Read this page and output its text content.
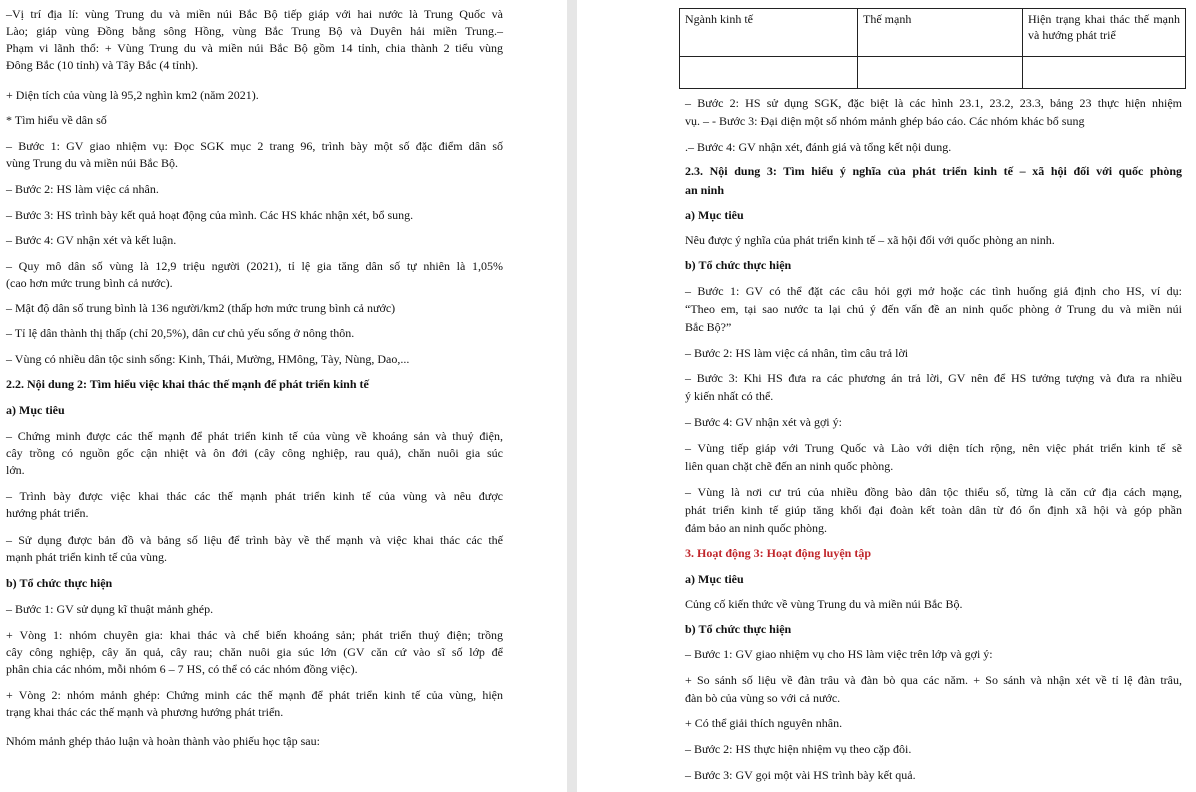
–Vị trí địa lí: vùng Trung du và miền núi Bắc Bộ tiếp giáp với hai nước là Trung Quốc và
Lào; giáp vùng Đồng bằng sông Hồng, vùng Bắc Trung Bộ và Duyên hải miền Trung.–
Phạm vi lãnh thổ: + Vùng Trung du và miền núi Bắc Bộ gồm 14 tỉnh, chia thành 2 tiểu vùng
Đông Bắc (10 tỉnh) và Tây Bắc (4 tỉnh).
+ Diện tích của vùng là 95,2 nghìn km2 (năm 2021).
* Tìm hiểu về dân số
– Bước 1: GV giao nhiệm vụ: Đọc SGK mục 2 trang 96, trình bày một số đặc điểm dân số
vùng Trung du và miền núi Bắc Bộ.
– Bước 2: HS làm việc cá nhân.
– Bước 3: HS trình bày kết quả hoạt động của mình. Các HS khác nhận xét, bổ sung.
– Bước 4: GV nhận xét và kết luận.
– Quy mô dân số vùng là 12,9 triệu người (2021), tỉ lệ gia tăng dân số tự nhiên là 1,05%
(cao hơn mức trung bình cả nước).
– Mật độ dân số trung bình là 136 người/km2 (thấp hơn mức trung bình cả nước)
– Tỉ lệ dân thành thị thấp (chỉ 20,5%), dân cư chủ yếu sống ở nông thôn.
– Vùng có nhiều dân tộc sinh sống: Kinh, Thái, Mường, HMông, Tày, Nùng, Dao,...
2.2. Nội dung 2: Tìm hiểu việc khai thác thế mạnh để phát triển kinh tế
a) Mục tiêu
– Chứng minh được các thế mạnh để phát triển kinh tế của vùng về khoáng sản và thuỷ điện,
cây trồng có nguồn gốc cận nhiệt và ôn đới (cây công nghiệp, rau quả), chăn nuôi gia súc
lớn.
– Trình bày được việc khai thác các thế mạnh phát triển kinh tế của vùng và nêu được
hướng phát triển.
– Sử dụng được bản đồ và bảng số liệu để trình bày về thế mạnh và việc khai thác các thế
mạnh phát triển kinh tế của vùng.
b) Tổ chức thực hiện
– Bước 1: GV sử dụng kĩ thuật mảnh ghép.
+ Vòng 1: nhóm chuyên gia: khai thác và chế biến khoáng sản; phát triển thuỷ điện; trồng
cây công nghiệp, cây ăn quả, cây rau; chăn nuôi gia súc lớn (GV căn cứ vào sĩ số lớp để
phân chia các nhóm, mỗi nhóm 6 – 7 HS, có thể có các nhóm đồng việc).
+ Vòng 2: nhóm mảnh ghép: Chứng minh các thế mạnh để phát triển kinh tế của vùng, hiện
trạng khai thác các thế mạnh và phương hướng phát triển.
Nhóm mảnh ghép thảo luận và hoàn thành vào phiếu học tập sau:
Ngành kinh tế	Thế mạnh	Hiện trạng khai thác thế mạnh và hướng phát triể

– Bước 2: HS sử dụng SGK, đặc biệt là các hình 23.1, 23.2, 23.3, bảng 23 thực hiện nhiệm
vụ. – - Bước 3: Đại diện một số nhóm mảnh ghép báo cáo. Các nhóm khác bổ sung
.– Bước 4: GV nhận xét, đánh giá và tổng kết nội dung.
2.3. Nội dung 3: Tìm hiểu ý nghĩa của phát triển kinh tế – xã hội đối với quốc phòng
an ninh
a) Mục tiêu
Nêu được ý nghĩa của phát triển kinh tế – xã hội đối với quốc phòng an ninh.
b) Tổ chức thực hiện
– Bước 1: GV có thể đặt các câu hỏi gợi mở hoặc các tình huống giả định cho HS, ví dụ:
“Theo em, tại sao nước ta lại chú ý đến vấn đề an ninh quốc phòng ở Trung du và miền núi
Bắc Bộ?”
– Bước 2: HS làm việc cá nhân, tìm câu trả lời
– Bước 3: Khi HS đưa ra các phương án trả lời, GV nên để HS tưởng tượng và đưa ra nhiều
ý kiến nhất có thể.
– Bước 4: GV nhận xét và gợi ý:
– Vùng tiếp giáp với Trung Quốc và Lào với diện tích rộng, nên việc phát triển kinh tế sẽ
liên quan chặt chẽ đến an ninh quốc phòng.
– Vùng là nơi cư trú của nhiều đồng bào dân tộc thiểu số, từng là căn cứ địa cách mạng,
phát triển kinh tế giúp tăng khối đại đoàn kết toàn dân từ đó ổn định xã hội và góp phần
đảm bảo an ninh quốc phòng.
3. Hoạt động 3: Hoạt động luyện tập
a) Mục tiêu
Củng cố kiến thức về vùng Trung du và miền núi Bắc Bộ.
b) Tổ chức thực hiện
– Bước 1: GV giao nhiệm vụ cho HS làm việc trên lớp và gợi ý:
+ So sánh số liệu về đàn trâu và đàn bò qua các năm. + So sánh và nhận xét về tỉ lệ đàn trâu,
đàn bò của vùng so với cả nước.
+ Có thể giải thích nguyên nhân.
– Bước 2: HS thực hiện nhiệm vụ theo cặp đôi.
– Bước 3: GV gọi một vài HS trình bày kết quả.
